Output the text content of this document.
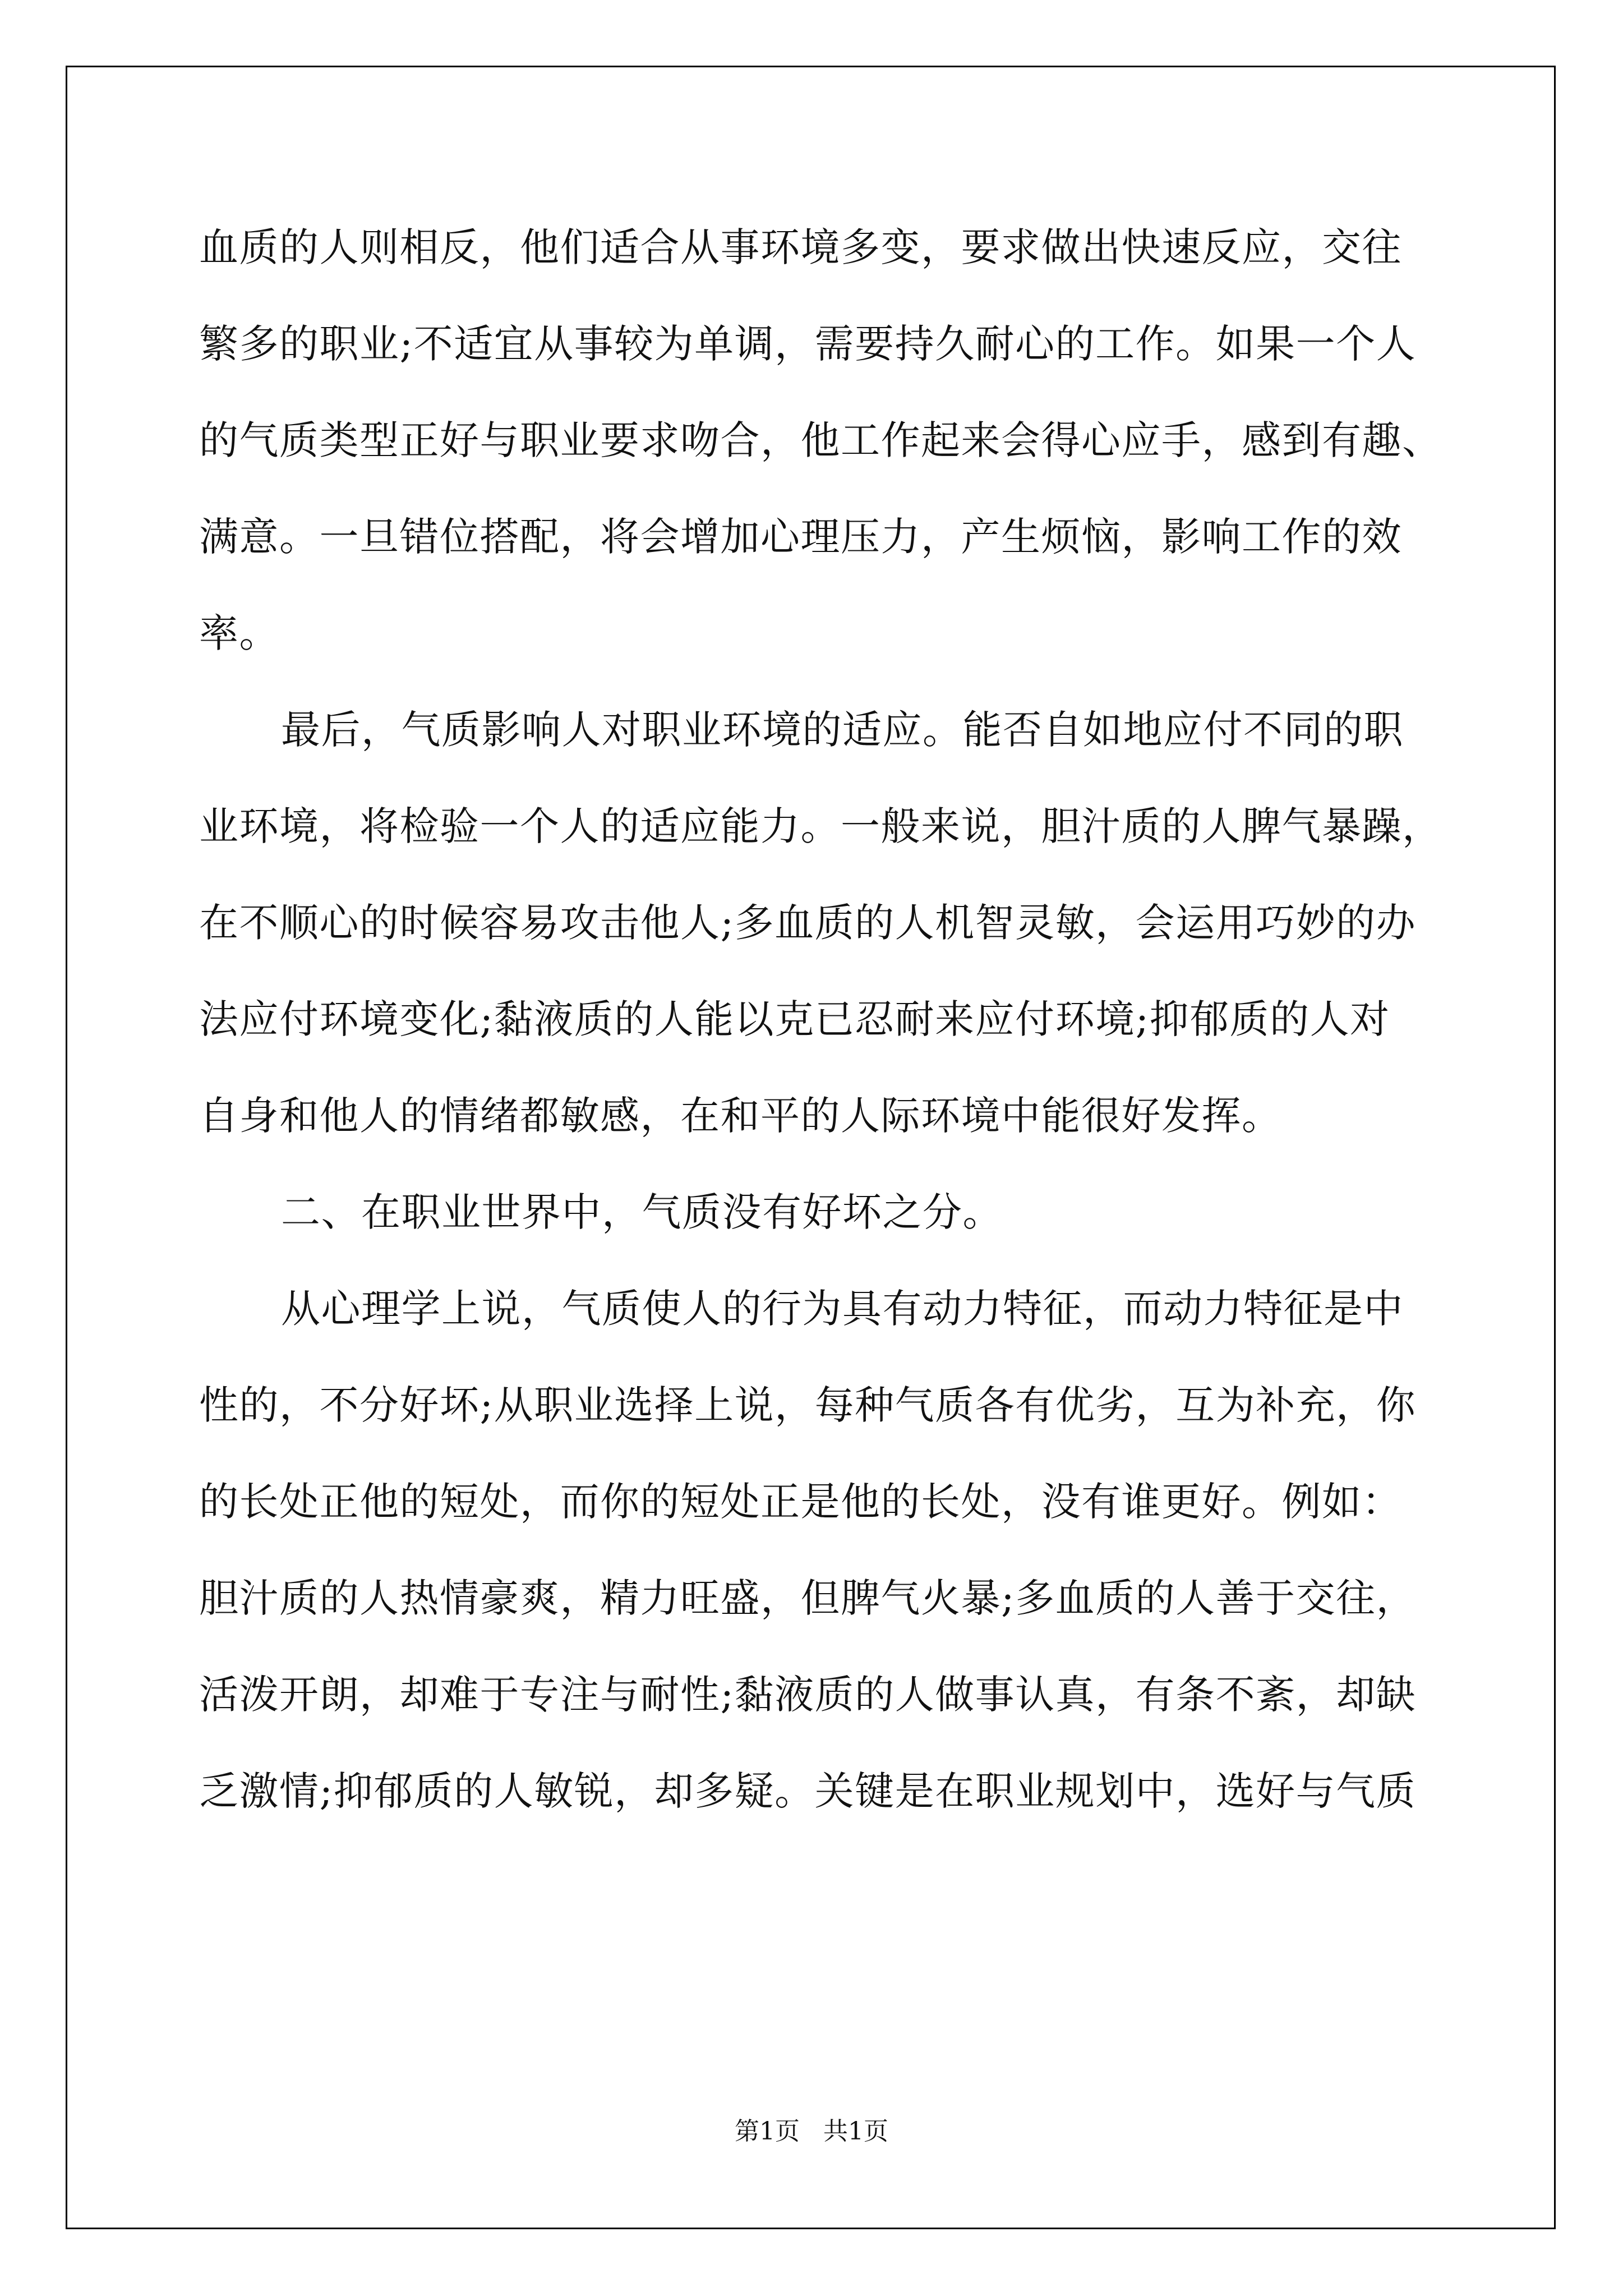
血质的人则相反，他们适合从事环境多变，要求做出快速反应，交往
繁多的职业;不适宜从事较为单调，需要持久耐心的工作。如果一个人
的气质类型正好与职业要求吻合，他工作起来会得心应手，感到有趣、
满意。一旦错位搭配，将会增加心理压力，产生烦恼，影响工作的效
率。
最后，气质影响人对职业环境的适应。能否自如地应付不同的职
业环境，将检验一个人的适应能力。一般来说，胆汁质的人脾气暴躁，
在不顺心的时候容易攻击他人;多血质的人机智灵敏，会运用巧妙的办
法应付环境变化;黏液质的人能以克已忍耐来应付环境;抑郁质的人对
自身和他人的情绪都敏感，在和平的人际环境中能很好发挥。
二、在职业世界中，气质没有好坏之分。
从心理学上说，气质使人的行为具有动力特征，而动力特征是中
性的，不分好坏;从职业选择上说，每种气质各有优劣，互为补充，你
的长处正他的短处，而你的短处正是他的长处，没有谁更好。例如：
胆汁质的人热情豪爽，精力旺盛，但脾气火暴;多血质的人善于交往，
活泼开朗，却难于专注与耐性;黏液质的人做事认真，有条不紊，却缺
乏激情;抑郁质的人敏锐，却多疑。关键是在职业规划中，选好与气质
第1页   共1页
